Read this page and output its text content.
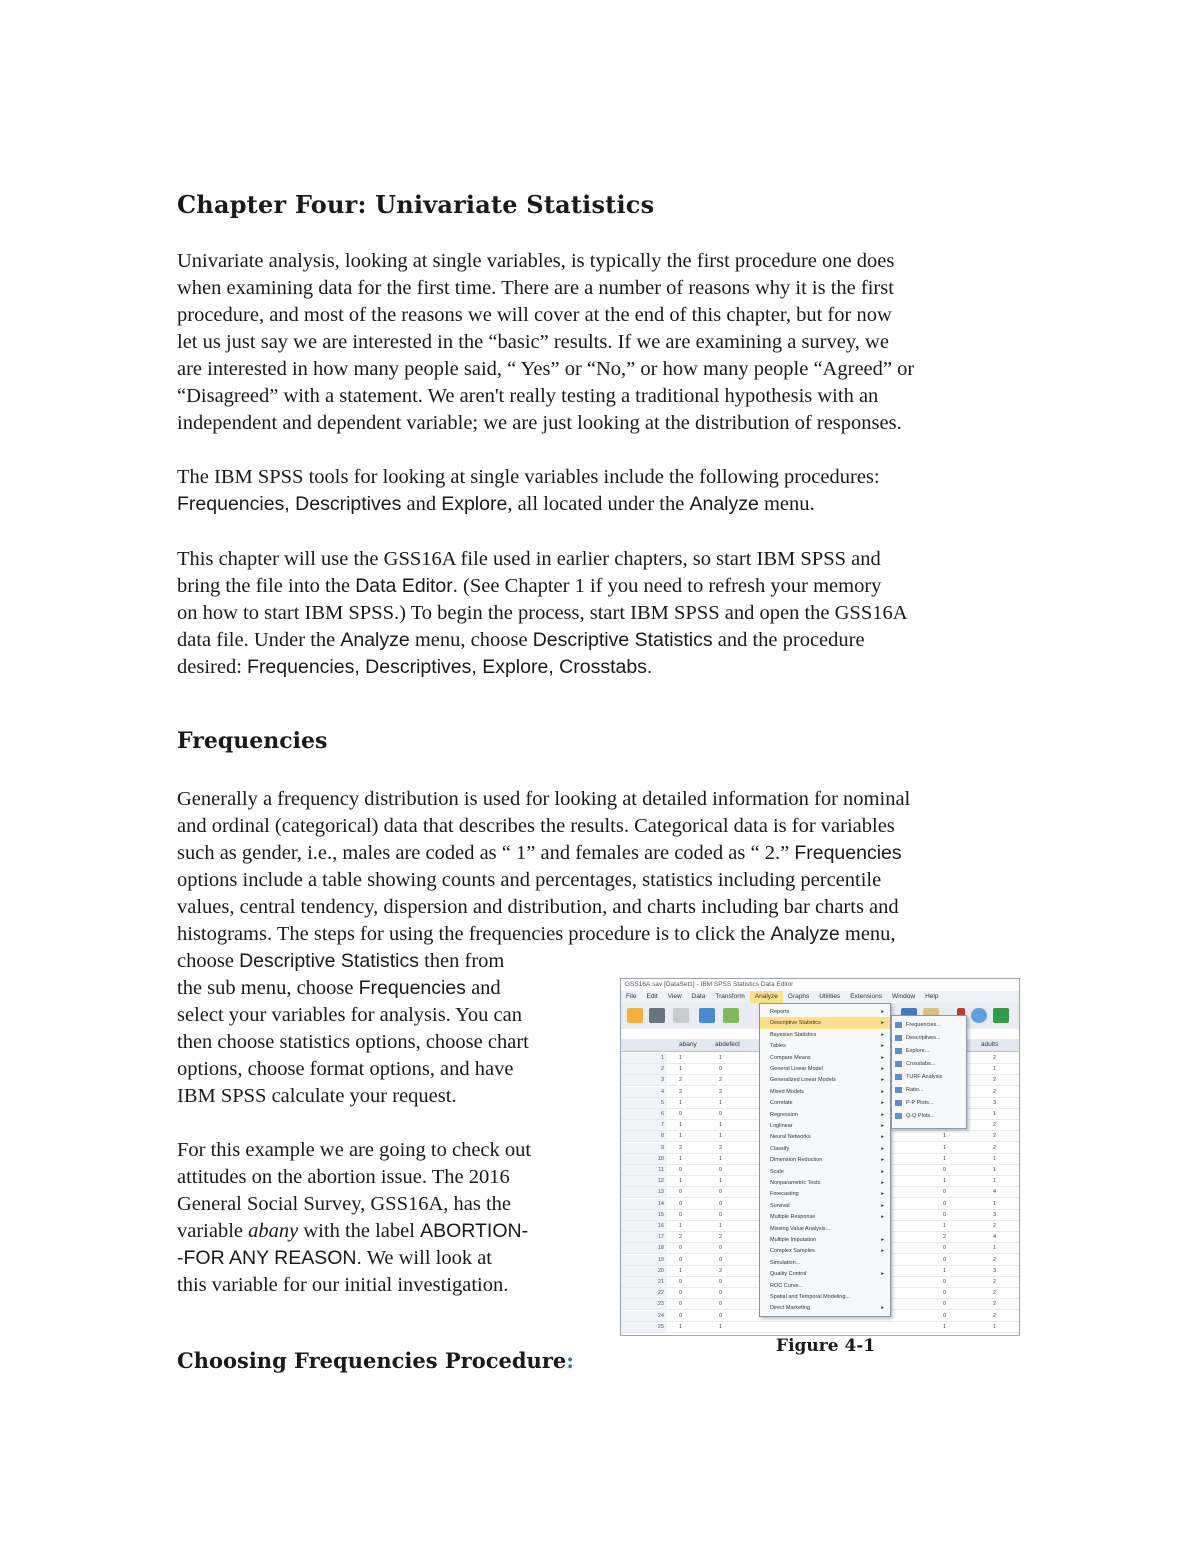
Chapter Four: Univariate Statistics

Univariate analysis, looking at single variables, is typically the first procedure one does
when examining data for the first time. There are a number of reasons why it is the first
procedure, and most of the reasons we will cover at the end of this chapter, but for now
let us just say we are interested in the “basic” results. If we are examining a survey, we
are interested in how many people said, “ Yes” or “No,” or how many people “Agreed” or
“Disagreed” with a statement. We aren't really testing a traditional hypothesis with an
independent and dependent variable; we are just looking at the distribution of responses.

The IBM SPSS tools for looking at single variables include the following procedures:
Frequencies, Descriptives and Explore, all located under the Analyze menu.

This chapter will use the GSS16A file used in earlier chapters, so start IBM SPSS and
bring the file into the Data Editor. (See Chapter 1 if you need to refresh your memory
on how to start IBM SPSS.) To begin the process, start IBM SPSS and open the GSS16A
data file. Under the Analyze menu, choose Descriptive Statistics and the procedure
desired: Frequencies, Descriptives, Explore, Crosstabs.

Frequencies

Generally a frequency distribution is used for looking at detailed information for nominal
and ordinal (categorical) data that describes the results. Categorical data is for variables
such as gender, i.e., males are coded as “ 1” and females are coded as “ 2.” Frequencies
options include a table showing counts and percentages, statistics including percentile
values, central tendency, dispersion and distribution, and charts including bar charts and
histograms. The steps for using the frequencies procedure is to click the Analyze menu,
choose Descriptive Statistics then from
the sub menu, choose Frequencies and
select your variables for analysis. You can
then choose statistics options, choose chart
options, choose format options, and have
IBM SPSS calculate your request.

For this example we are going to check out
attitudes on the abortion issue. The 2016
General Social Survey, GSS16A, has the
variable abany with the label ABORTION-
-FOR ANY REASON. We will look at
this variable for our initial investigation.

Choosing Frequencies Procedure:
GSS16A.sav [DataSet1] - IBM SPSS Statistics Data Editor
File Edit View Data Transform Analyze Graphs Utilities Extensions Window Help
abany	abdefect	adults
1	1	1	2
2	1	0	1
3	2	2	2
4	2	2	2
5	1	1	3
6	0	0	1
7	1	1	2
8	1	1	1	2
9	2	2	1	2
10	1	1	1	1
11	0	0	0	1
12	1	1	1	1
13	0	0	0	4
14	0	0	0	1
15	0	0	0	3
16	1	1	1	2
17	2	2	2	4
18	0	0	0	1
19	0	0	0	2
20	1	2	1	3
21	0	0	0	2
22	0	0	0	2
23	0	0	0	2
24	0	0	0	2
25	1	1	1	1
Reports	▸
Descriptive Statistics	▸
Bayesian Statistics	▸
Tables	▸
Compare Means	▸
General Linear Model	▸
Generalized Linear Models	▸
Mixed Models	▸
Correlate	▸
Regression	▸
Loglinear	▸
Neural Networks	▸
Classify	▸
Dimension Reduction	▸
Scale	▸
Nonparametric Tests	▸
Forecasting	▸
Survival	▸
Multiple Response	▸
Missing Value Analysis...
Multiple Imputation	▸
Complex Samples	▸
Simulation...
Quality Control	▸
ROC Curve...
Spatial and Temporal Modeling...
Direct Marketing	▸
Frequencies...
Descriptives...
Explore...
Crosstabs...
TURF Analysis
Ratio...
P-P Plots...
Q-Q Plots...

Figure 4-1
